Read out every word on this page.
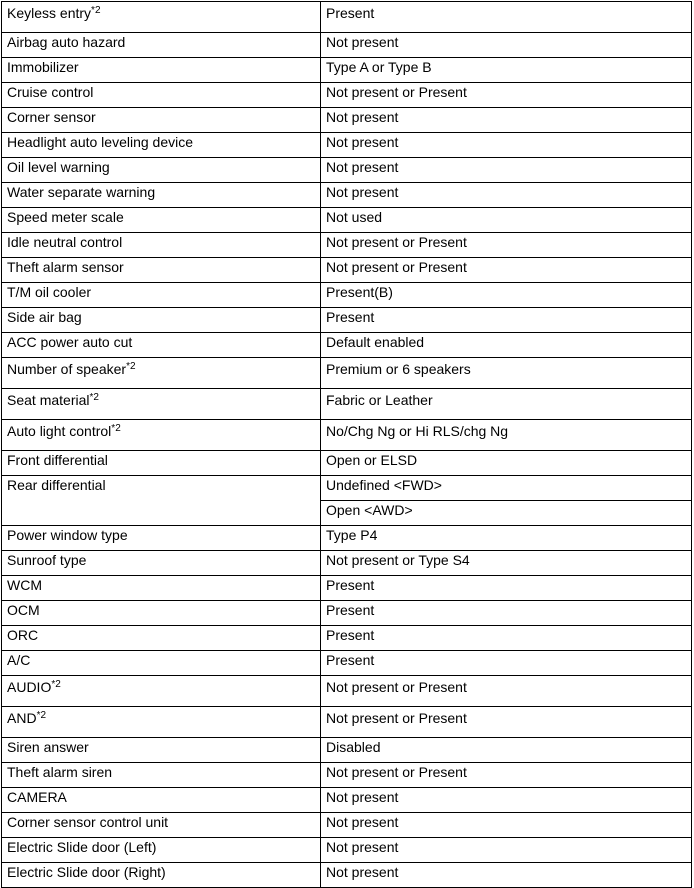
Keyless entry$^{*2}$	Present
Airbag auto hazard	Not present
Immobilizer	Type A or Type B
Cruise control	Not present or Present
Corner sensor	Not present
Headlight auto leveling device	Not present
Oil level warning	Not present
Water separate warning	Not present
Speed meter scale	Not used
Idle neutral control	Not present or Present
Theft alarm sensor	Not present or Present
T/M oil cooler	Present(B)
Side air bag	Present
ACC power auto cut	Default enabled
Number of speaker$^{*2}$	Premium or 6 speakers
Seat material$^{*2}$	Fabric or Leather
Auto light control$^{*2}$	No/Chg Ng or Hi RLS/chg Ng
Front differential	Open or ELSD
Rear differential	Undefined <FWD>
	Open <AWD>
Power window type	Type P4
Sunroof type	Not present or Type S4
WCM	Present
OCM	Present
ORC	Present
A/C	Present
AUDIO$^{*2}$	Not present or Present
AND$^{*2}$	Not present or Present
Siren answer	Disabled
Theft alarm siren	Not present or Present
CAMERA	Not present
Corner sensor control unit	Not present
Electric Slide door (Left)	Not present
Electric Slide door (Right)	Not present
